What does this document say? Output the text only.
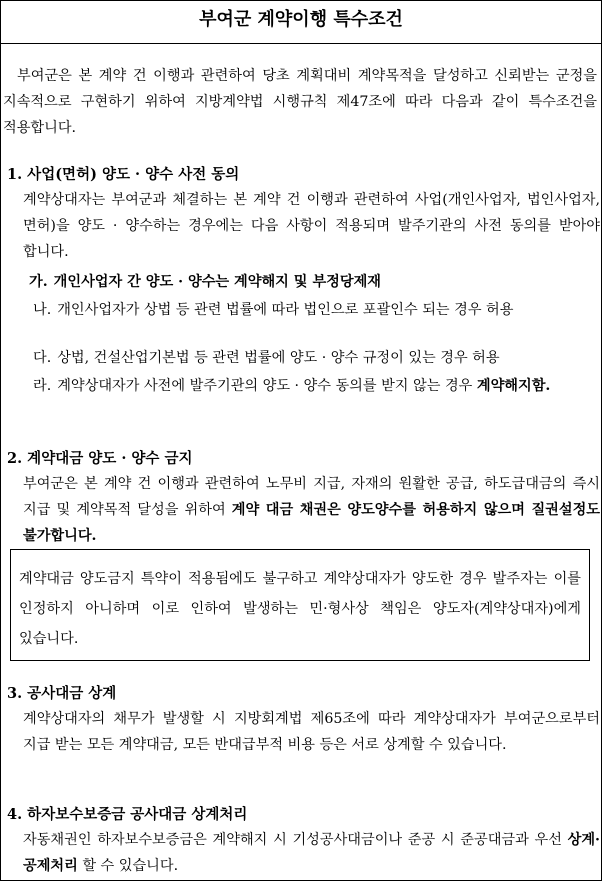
부여군 계약이행 특수조건

부여군은 본 계약 건 이행과 관련하여 당초 계획대비 계약목적을 달성하고 신뢰받는 군정을 지속적으로 구현하기 위하여 지방계약법 시행규칙 제47조에 따라 다음과 같이 특수조건을 적용합니다.

1. 사업(면허) 양도 · 양수 사전 동의

계약상대자는 부여군과 체결하는 본 계약 건 이행과 관련하여 사업(개인사업자, 법인사업자, 면허)을 양도 · 양수하는 경우에는 다음 사항이 적용되며 발주기관의 사전 동의를 받아야 합니다.

가. 개인사업자 간 양도 · 양수는 계약해지 및 부정당제재
나. 개인사업자가 상법 등 관련 법률에 따라 법인으로 포괄인수 되는 경우 허용
다. 상법, 건설산업기본법 등 관련 법률에 양도 · 양수 규정이 있는 경우 허용
라. 계약상대자가 사전에 발주기관의 양도 · 양수 동의를 받지 않는 경우 계약해지함.
2. 계약대금 양도 · 양수 금지

부여군은 본 계약 건 이행과 관련하여 노무비 지급, 자재의 원활한 공급, 하도급대금의 즉시 지급 및 계약목적 달성을 위하여 계약 대금 채권은 양도양수를 허용하지 않으며 질권설정도 불가합니다.

계약대금 양도금지 특약이 적용됨에도 불구하고 계약상대자가 양도한 경우 발주자는 이를 인정하지 아니하며 이로 인하여 발생하는 민·형사상 책임은 양도자(계약상대자)에게 있습니다.
3. 공사대금 상계

계약상대자의 채무가 발생할 시 지방회계법 제65조에 따라 계약상대자가 부여군으로부터 지급 받는 모든 계약대금, 모든 반대급부적 비용 등은 서로 상계할 수 있습니다.

4. 하자보수보증금 공사대금 상계처리

자동채권인 하자보수보증금은 계약해지 시 기성공사대금이나 준공 시 준공대금과 우선 상계·공제처리 할 수 있습니다.
